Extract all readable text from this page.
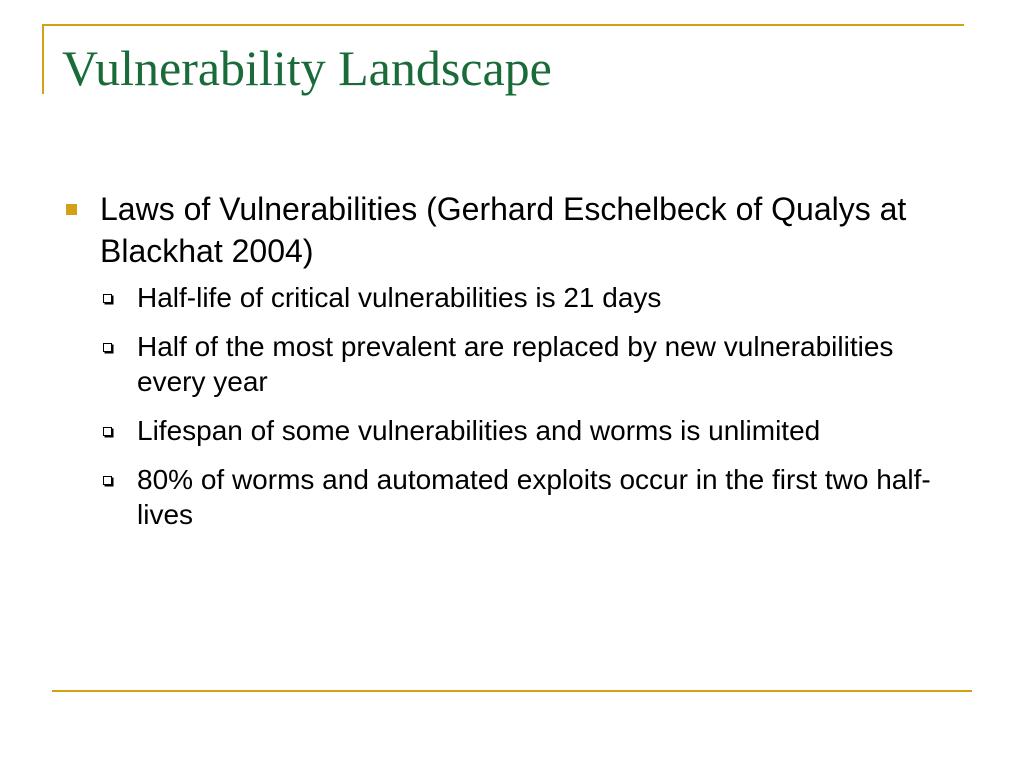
Vulnerability Landscape
Laws of Vulnerabilities (Gerhard Eschelbeck of Qualys at Blackhat 2004)
Half-life of critical vulnerabilities is 21 days
Half of the most prevalent are replaced by new vulnerabilities every year
Lifespan of some vulnerabilities and worms is unlimited
80% of worms and automated exploits occur in the first two half-lives
